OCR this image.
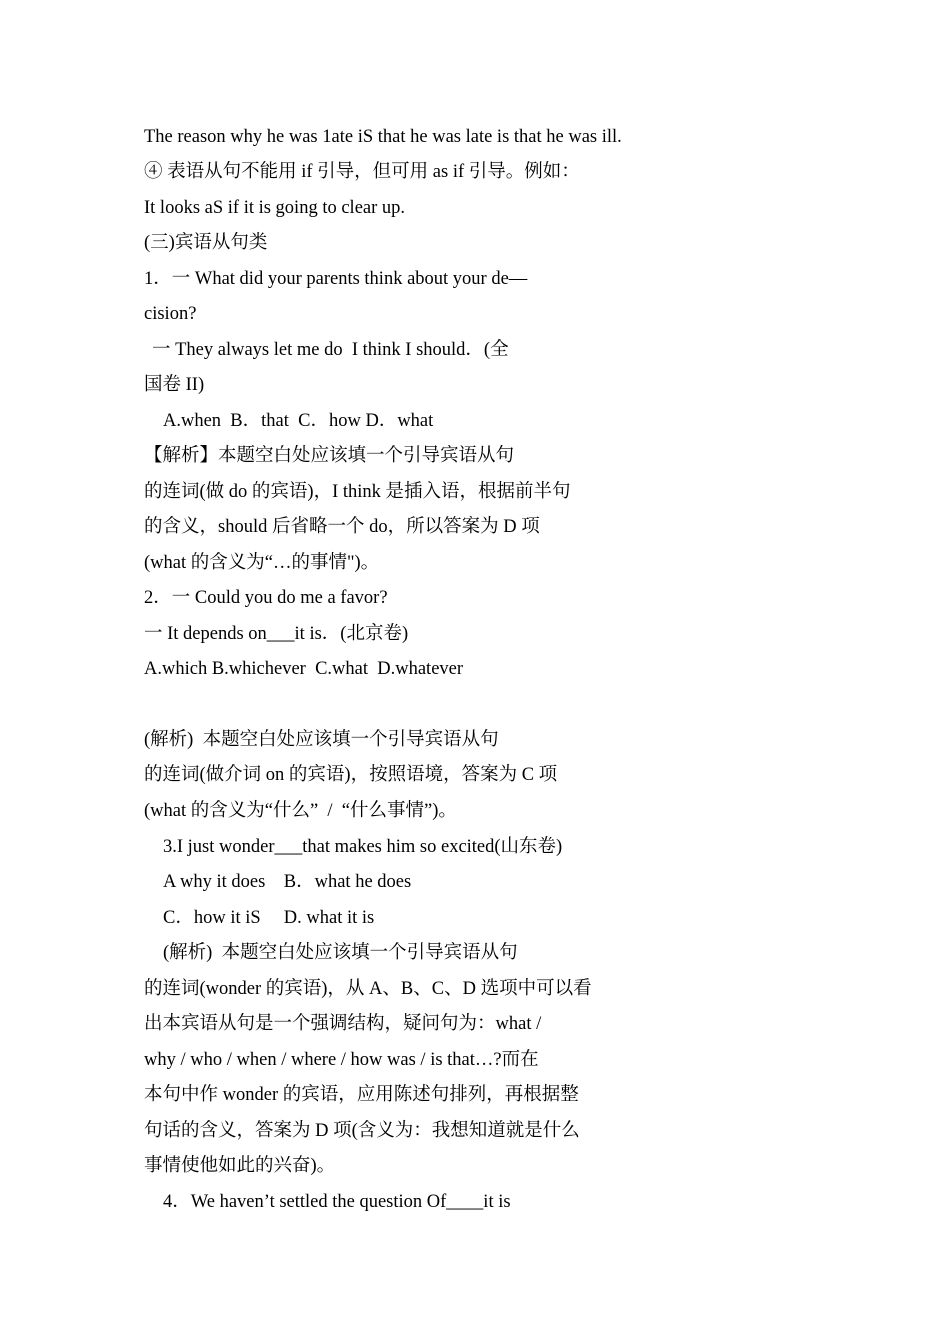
The reason why he was 1ate iS that he was late is that he was ill.
④ 表语从句不能用 if 引导，但可用 as if 引导。例如：
It looks aS if it is going to clear up.
(三)宾语从句类
1．一 What did your parents think about your de—
cision?
一 They always let me do  I think I should．(全
国卷 II)
A.when  B．that  C．how D．what
【解析】本题空白处应该填一个引导宾语从句
的连词(做 do 的宾语)，I think 是插入语，根据前半句
的含义，should 后省略一个 do，所以答案为 D 项
(what 的含义为“…的事情")。
2．一 Could you do me a favor?
一 It depends on___it is．(北京卷)
A.which B.whichever  C.what  D.whatever
(解析)  本题空白处应该填一个引导宾语从句
的连词(做介词 on 的宾语)，按照语境，答案为 C 项
(what 的含义为“什么”  /  “什么事情”)。
3.I just wonder___that makes him so excited(山东卷)
A why it does    B．what he does
C．how it iS     D. what it is
(解析)  本题空白处应该填一个引导宾语从句
的连词(wonder 的宾语)，从 A、B、C、D 选项中可以看
出本宾语从句是一个强调结构，疑问句为：what /
why / who / when / where / how was / is that…?而在
本句中作 wonder 的宾语，应用陈述句排列，再根据整
句话的含义，答案为 D 项(含义为：我想知道就是什么
事情使他如此的兴奋)。
4．We haven’t settled the question Of____it is
